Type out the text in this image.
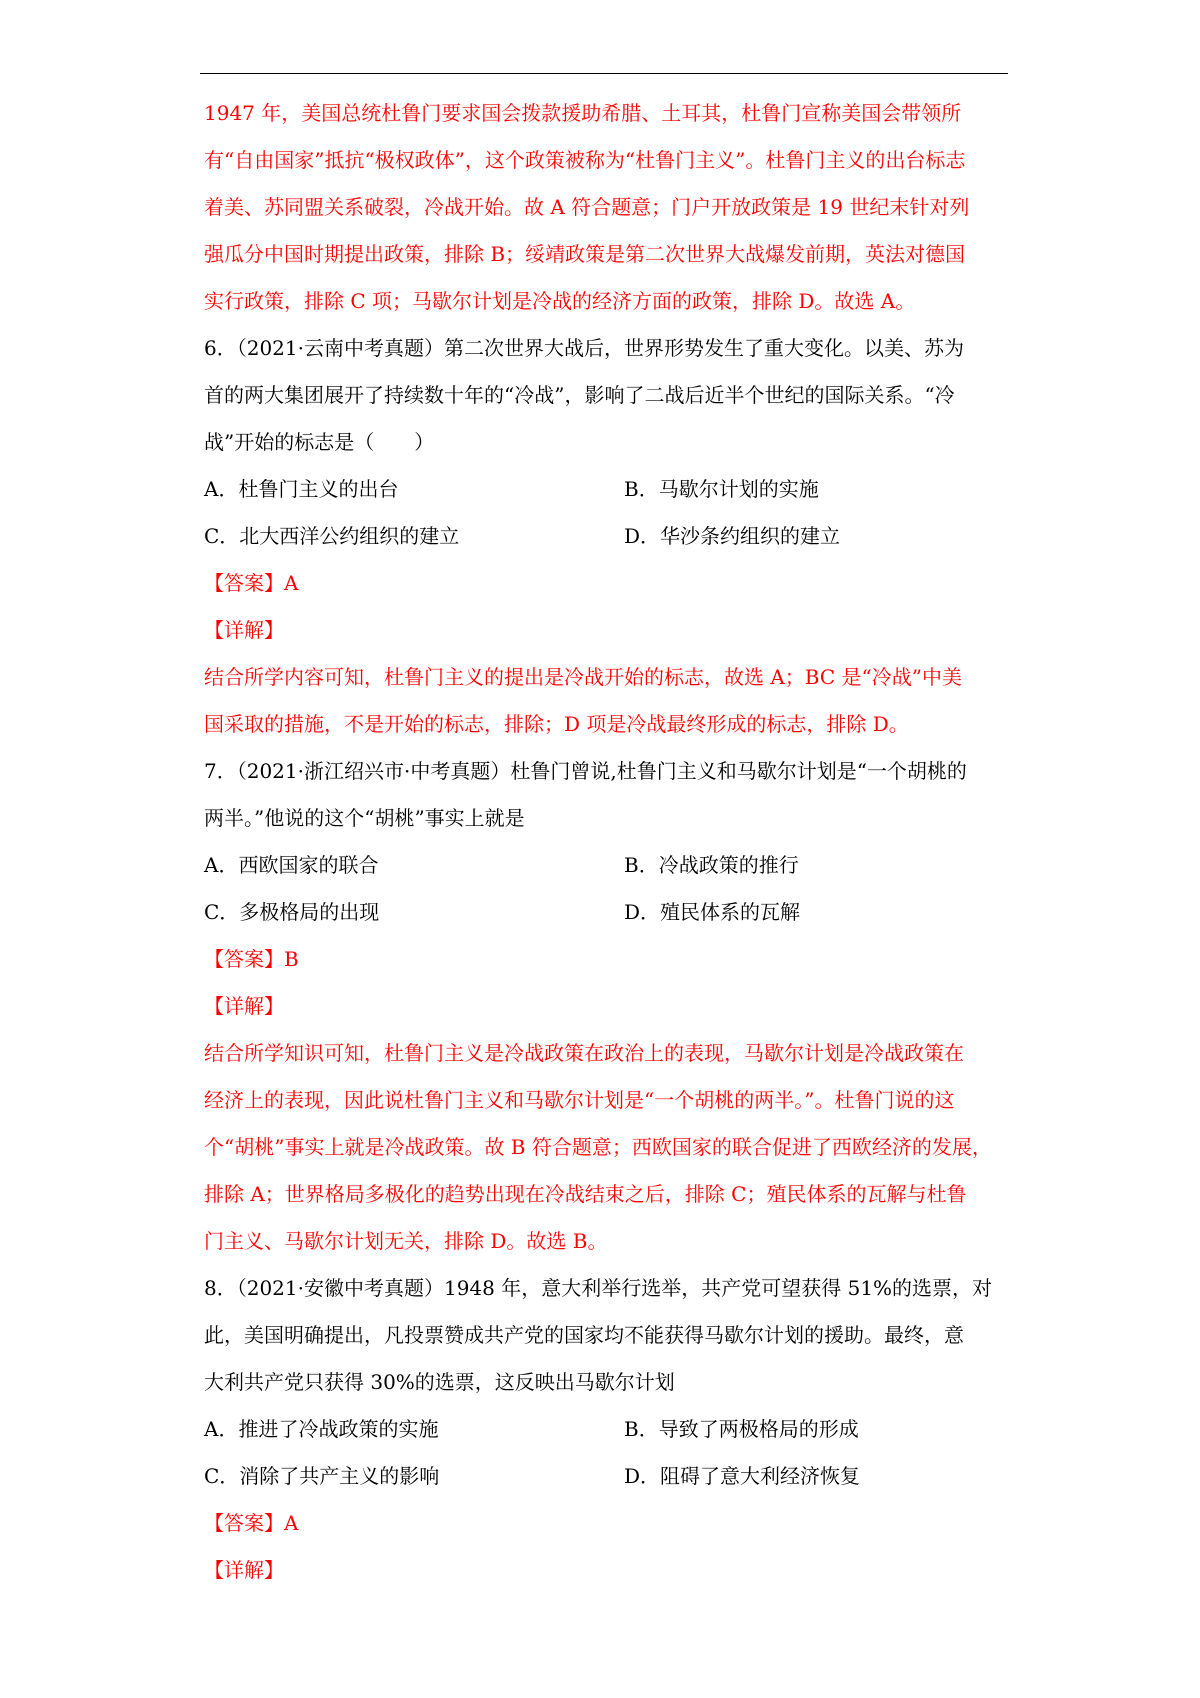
1947 年，美国总统杜鲁门要求国会拨款援助希腊、土耳其，杜鲁门宣称美国会带领所
有“自由国家”抵抗“极权政体”，这个政策被称为“杜鲁门主义”。杜鲁门主义的出台标志
着美、苏同盟关系破裂，冷战开始。故 A 符合题意；门户开放政策是 19 世纪末针对列
强瓜分中国时期提出政策，排除 B；绥靖政策是第二次世界大战爆发前期，英法对德国
实行政策，排除 C 项；马歇尔计划是冷战的经济方面的政策，排除 D。故选 A。
6．（2021·云南中考真题）第二次世界大战后，世界形势发生了重大变化。以美、苏为
首的两大集团展开了持续数十年的“冷战”，影响了二战后近半个世纪的国际关系。“冷
战”开始的标志是（　　）
A．杜鲁门主义的出台	B．马歇尔计划的实施
C．北大西洋公约组织的建立	D．华沙条约组织的建立
【答案】A
【详解】
结合所学内容可知，杜鲁门主义的提出是冷战开始的标志，故选 A；BC 是“冷战”中美
国采取的措施，不是开始的标志，排除；D 项是冷战最终形成的标志，排除 D。
7．（2021·浙江绍兴市·中考真题）杜鲁门曾说,杜鲁门主义和马歇尔计划是“一个胡桃的
两半。”他说的这个“胡桃”事实上就是
A．西欧国家的联合	B．冷战政策的推行
C．多极格局的出现	D．殖民体系的瓦解
【答案】B
【详解】
结合所学知识可知，杜鲁门主义是冷战政策在政治上的表现，马歇尔计划是冷战政策在
经济上的表现，因此说杜鲁门主义和马歇尔计划是“一个胡桃的两半。”。杜鲁门说的这
个“胡桃”事实上就是冷战政策。故 B 符合题意；西欧国家的联合促进了西欧经济的发展，
排除 A；世界格局多极化的趋势出现在冷战结束之后，排除 C；殖民体系的瓦解与杜鲁
门主义、马歇尔计划无关，排除 D。故选 B。
8．（2021·安徽中考真题）1948 年，意大利举行选举，共产党可望获得 51%的选票，对
此，美国明确提出，凡投票赞成共产党的国家均不能获得马歇尔计划的援助。最终，意
大利共产党只获得 30%的选票，这反映出马歇尔计划
A．推进了冷战政策的实施	B．导致了两极格局的形成
C．消除了共产主义的影响	D．阻碍了意大利经济恢复
【答案】A
【详解】
